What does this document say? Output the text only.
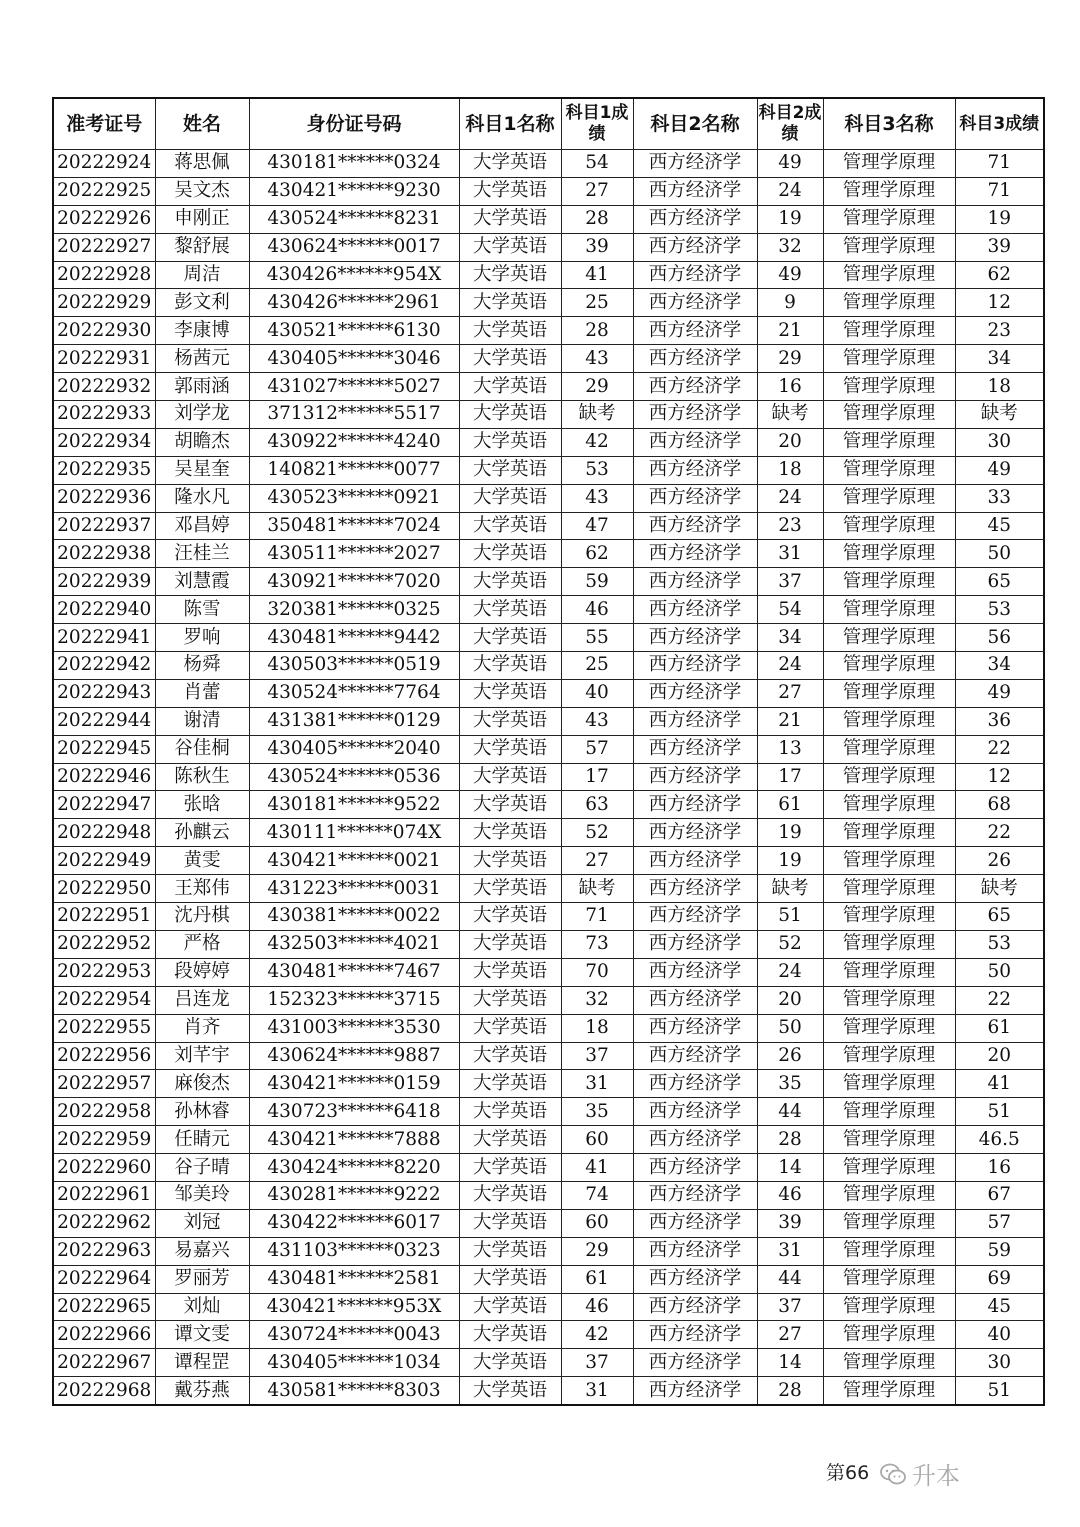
准考证号	姓名	身份证号码	科目1名称	科目1成绩	科目2名称	科目2成绩	科目3名称	科目3成绩
20222924	蒋思佩	430181******0324	大学英语	54	西方经济学	49	管理学原理	71
20222925	吴文杰	430421******9230	大学英语	27	西方经济学	24	管理学原理	71
20222926	申刚正	430524******8231	大学英语	28	西方经济学	19	管理学原理	19
20222927	黎舒展	430624******0017	大学英语	39	西方经济学	32	管理学原理	39
20222928	周洁	430426******954X	大学英语	41	西方经济学	49	管理学原理	62
20222929	彭文利	430426******2961	大学英语	25	西方经济学	9	管理学原理	12
20222930	李康博	430521******6130	大学英语	28	西方经济学	21	管理学原理	23
20222931	杨茜元	430405******3046	大学英语	43	西方经济学	29	管理学原理	34
20222932	郭雨涵	431027******5027	大学英语	29	西方经济学	16	管理学原理	18
20222933	刘学龙	371312******5517	大学英语	缺考	西方经济学	缺考	管理学原理	缺考
20222934	胡瞻杰	430922******4240	大学英语	42	西方经济学	20	管理学原理	30
20222935	吴星奎	140821******0077	大学英语	53	西方经济学	18	管理学原理	49
20222936	隆水凡	430523******0921	大学英语	43	西方经济学	24	管理学原理	33
20222937	邓昌婷	350481******7024	大学英语	47	西方经济学	23	管理学原理	45
20222938	汪桂兰	430511******2027	大学英语	62	西方经济学	31	管理学原理	50
20222939	刘慧霞	430921******7020	大学英语	59	西方经济学	37	管理学原理	65
20222940	陈雪	320381******0325	大学英语	46	西方经济学	54	管理学原理	53
20222941	罗响	430481******9442	大学英语	55	西方经济学	34	管理学原理	56
20222942	杨舜	430503******0519	大学英语	25	西方经济学	24	管理学原理	34
20222943	肖蕾	430524******7764	大学英语	40	西方经济学	27	管理学原理	49
20222944	谢清	431381******0129	大学英语	43	西方经济学	21	管理学原理	36
20222945	谷佳桐	430405******2040	大学英语	57	西方经济学	13	管理学原理	22
20222946	陈秋生	430524******0536	大学英语	17	西方经济学	17	管理学原理	12
20222947	张晗	430181******9522	大学英语	63	西方经济学	61	管理学原理	68
20222948	孙麒云	430111******074X	大学英语	52	西方经济学	19	管理学原理	22
20222949	黄雯	430421******0021	大学英语	27	西方经济学	19	管理学原理	26
20222950	王郑伟	431223******0031	大学英语	缺考	西方经济学	缺考	管理学原理	缺考
20222951	沈丹棋	430381******0022	大学英语	71	西方经济学	51	管理学原理	65
20222952	严格	432503******4021	大学英语	73	西方经济学	52	管理学原理	53
20222953	段婷婷	430481******7467	大学英语	70	西方经济学	24	管理学原理	50
20222954	吕连龙	152323******3715	大学英语	32	西方经济学	20	管理学原理	22
20222955	肖齐	431003******3530	大学英语	18	西方经济学	50	管理学原理	61
20222956	刘芊宇	430624******9887	大学英语	37	西方经济学	26	管理学原理	20
20222957	麻俊杰	430421******0159	大学英语	31	西方经济学	35	管理学原理	41
20222958	孙林睿	430723******6418	大学英语	35	西方经济学	44	管理学原理	51
20222959	任睛元	430421******7888	大学英语	60	西方经济学	28	管理学原理	46.5
20222960	谷子晴	430424******8220	大学英语	41	西方经济学	14	管理学原理	16
20222961	邹美玲	430281******9222	大学英语	74	西方经济学	46	管理学原理	67
20222962	刘冠	430422******6017	大学英语	60	西方经济学	39	管理学原理	57
20222963	易嘉兴	431103******0323	大学英语	29	西方经济学	31	管理学原理	59
20222964	罗丽芳	430481******2581	大学英语	61	西方经济学	44	管理学原理	69
20222965	刘灿	430421******953X	大学英语	46	西方经济学	37	管理学原理	45
20222966	谭文雯	430724******0043	大学英语	42	西方经济学	27	管理学原理	40
20222967	谭程罡	430405******1034	大学英语	37	西方经济学	14	管理学原理	30
20222968	戴芬燕	430581******8303	大学英语	31	西方经济学	28	管理学原理	51
第66 升本
